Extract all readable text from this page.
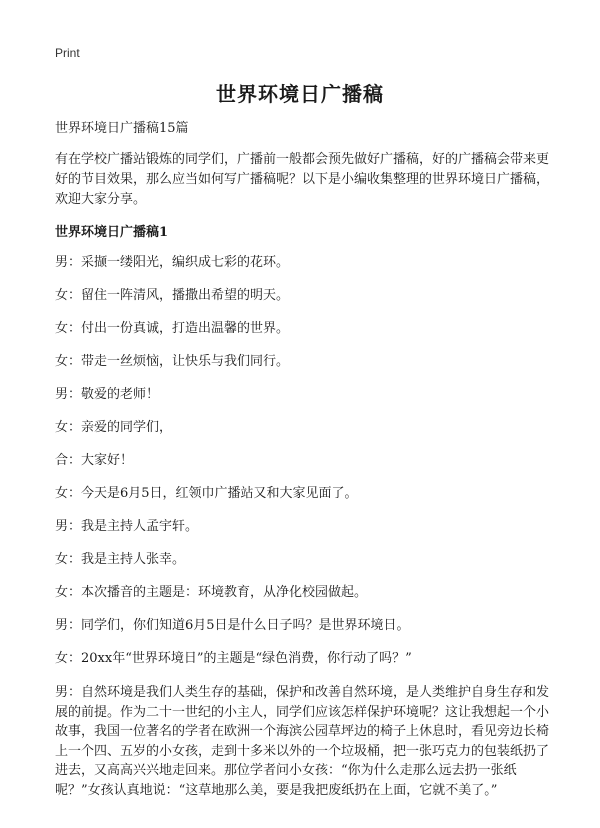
Print
世界环境日广播稿

世界环境日广播稿15篇

有在学校广播站锻炼的同学们，广播前一般都会预先做好广播稿，好的广播稿会带来更好的节目效果，那么应当如何写广播稿呢？以下是小编收集整理的世界环境日广播稿，欢迎大家分享。

世界环境日广播稿1

男：采撷一缕阳光，编织成七彩的花环。

女：留住一阵清风，播撒出希望的明天。

女：付出一份真诚，打造出温馨的世界。

女：带走一丝烦恼，让快乐与我们同行。

男：敬爱的老师！

女：亲爱的同学们，

合：大家好！

女：今天是6月5日，红领巾广播站又和大家见面了。

男：我是主持人孟宇轩。

女：我是主持人张幸。

女：本次播音的主题是：环境教育，从净化校园做起。

男：同学们，你们知道6月5日是什么日子吗？是世界环境日。

女：20xx年“世界环境日”的主题是“绿色消费，你行动了吗？”

男：自然环境是我们人类生存的基础，保护和改善自然环境，是人类维护自身生存和发展的前提。作为二十一世纪的小主人，同学们应该怎样保护环境呢？这让我想起一个小故事，我国一位著名的学者在欧洲一个海滨公园草坪边的椅子上休息时，看见旁边长椅上一个四、五岁的小女孩，走到十多米以外的一个垃圾桶，把一张巧克力的包装纸扔了进去，又高高兴兴地走回来。那位学者问小女孩：“你为什么走那么远去扔一张纸呢？”女孩认真地说：“这草地那么美，要是我把废纸扔在上面，它就不美了。”
